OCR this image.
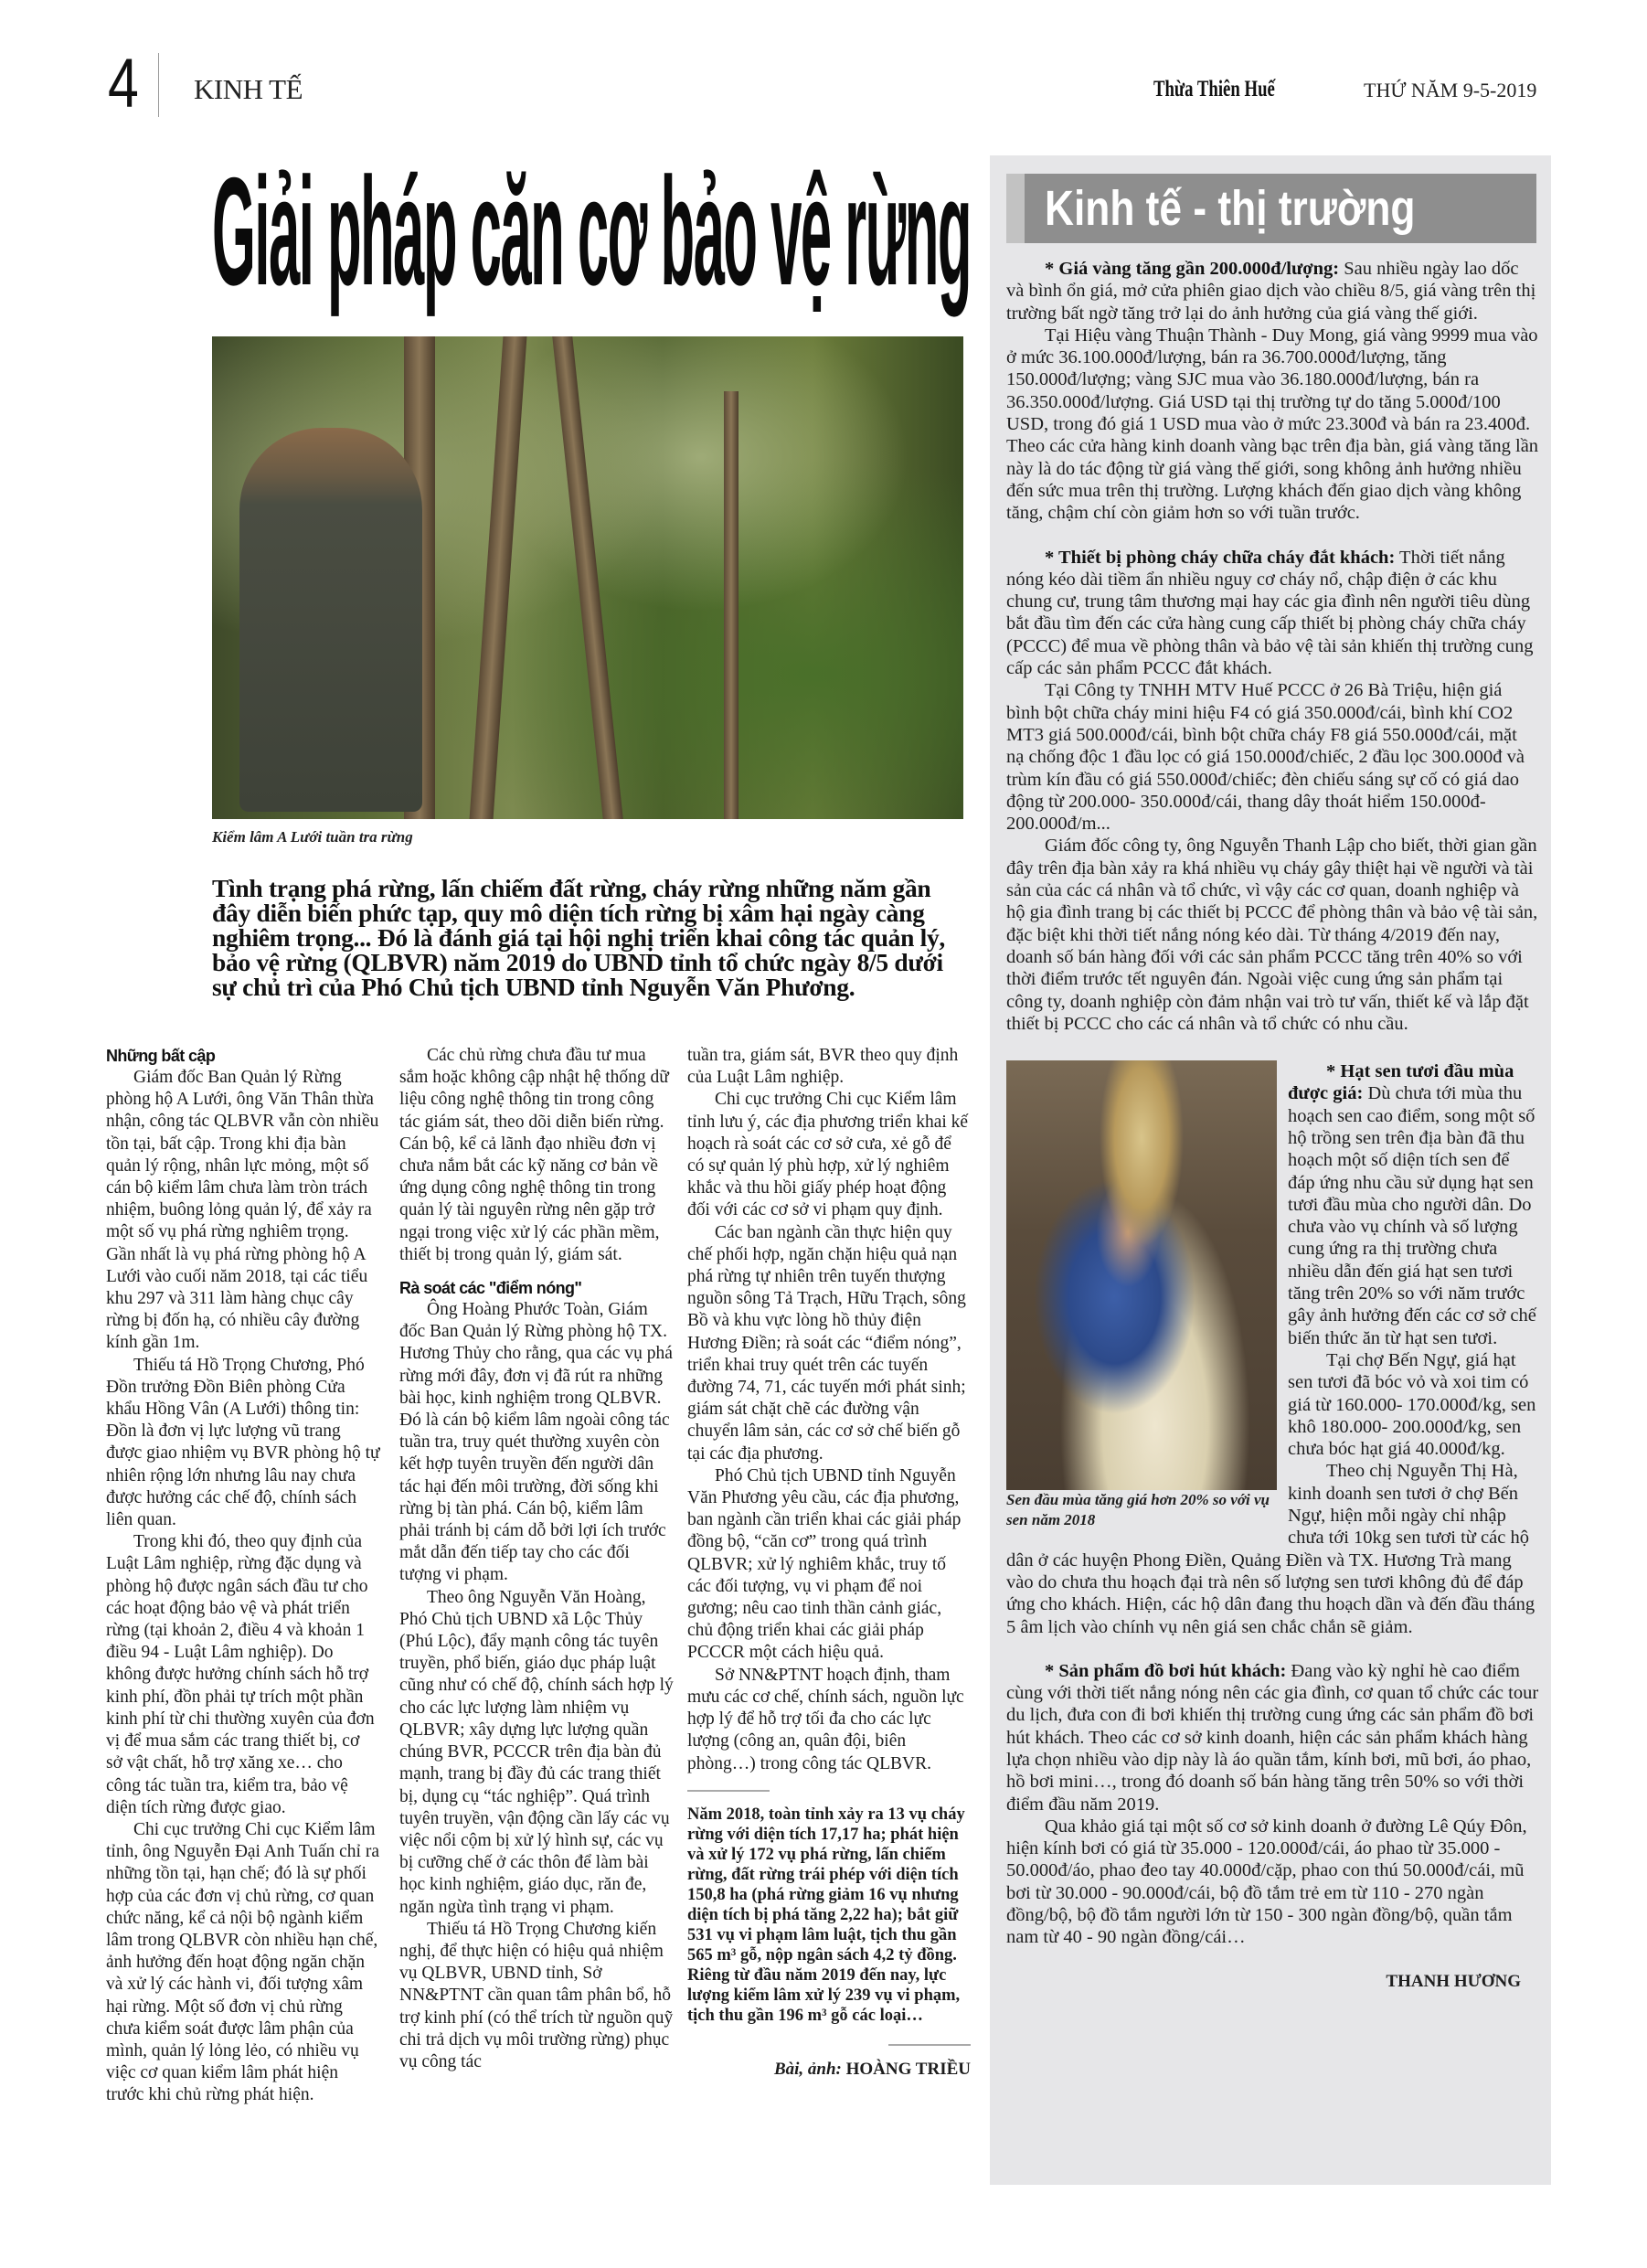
4 KINH TẾ	Thừa Thiên Huế	THỨ NĂM 9-5-2019
Giải pháp căn cơ bảo vệ rừng
Kiểm lâm A Lưới tuần tra rừng
Tình trạng phá rừng, lấn chiếm đất rừng, cháy rừng những năm gần đây diễn biến phức tạp, quy mô diện tích rừng bị xâm hại ngày càng nghiêm trọng... Đó là đánh giá tại hội nghị triển khai công tác quản lý, bảo vệ rừng (QLBVR) năm 2019 do UBND tỉnh tổ chức ngày 8/5 dưới sự chủ trì của Phó Chủ tịch UBND tỉnh Nguyễn Văn Phương.
Những bất cập

Giám đốc Ban Quản lý Rừng phòng hộ A Lưới, ông Văn Thân thừa nhận, công tác QLBVR vẫn còn nhiều tồn tại, bất cập. Trong khi địa bàn quản lý rộng, nhân lực mỏng, một số cán bộ kiểm lâm chưa làm tròn trách nhiệm, buông lỏng quản lý, để xảy ra một số vụ phá rừng nghiêm trọng. Gần nhất là vụ phá rừng phòng hộ A Lưới vào cuối năm 2018, tại các tiểu khu 297 và 311 làm hàng chục cây rừng bị đốn hạ, có nhiều cây đường kính gần 1m.

Thiếu tá Hồ Trọng Chương, Phó Đồn trưởng Đồn Biên phòng Cửa khẩu Hồng Vân (A Lưới) thông tin: Đồn là đơn vị lực lượng vũ trang được giao nhiệm vụ BVR phòng hộ tự nhiên rộng lớn nhưng lâu nay chưa được hưởng các chế độ, chính sách liên quan.

Trong khi đó, theo quy định của Luật Lâm nghiệp, rừng đặc dụng và phòng hộ được ngân sách đầu tư cho các hoạt động bảo vệ và phát triển rừng (tại khoản 2, điều 4 và khoản 1 điều 94 - Luật Lâm nghiệp). Do không được hưởng chính sách hỗ trợ kinh phí, đồn phải tự trích một phần kinh phí từ chi thường xuyên của đơn vị để mua sắm các trang thiết bị, cơ sở vật chất, hỗ trợ xăng xe… cho công tác tuần tra, kiểm tra, bảo vệ diện tích rừng được giao.

Chi cục trưởng Chi cục Kiểm lâm tỉnh, ông Nguyễn Đại Anh Tuấn chỉ ra những tồn tại, hạn chế; đó là sự phối hợp của các đơn vị chủ rừng, cơ quan chức năng, kể cả nội bộ ngành kiểm lâm trong QLBVR còn nhiều hạn chế, ảnh hưởng đến hoạt động ngăn chặn và xử lý các hành vi, đối tượng xâm hại rừng. Một số đơn vị chủ rừng chưa kiểm soát được lâm phận của mình, quản lý lỏng lẻo, có nhiều vụ việc cơ quan kiểm lâm phát hiện trước khi chủ rừng phát hiện.

Các chủ rừng chưa đầu tư mua sắm hoặc không cập nhật hệ thống dữ liệu công nghệ thông tin trong công tác giám sát, theo dõi diễn biến rừng. Cán bộ, kể cả lãnh đạo nhiều đơn vị chưa nắm bắt các kỹ năng cơ bản về ứng dụng công nghệ thông tin trong quản lý tài nguyên rừng nên gặp trở ngại trong việc xử lý các phần mềm, thiết bị trong quản lý, giám sát.

Rà soát các "điểm nóng"

Ông Hoàng Phước Toàn, Giám đốc Ban Quản lý Rừng phòng hộ TX. Hương Thủy cho rằng, qua các vụ phá rừng mới đây, đơn vị đã rút ra những bài học, kinh nghiệm trong QLBVR. Đó là cán bộ kiểm lâm ngoài công tác tuần tra, truy quét thường xuyên còn kết hợp tuyên truyền đến người dân tác hại đến môi trường, đời sống khi rừng bị tàn phá. Cán bộ, kiểm lâm phải tránh bị cám dỗ bởi lợi ích trước mắt dẫn đến tiếp tay cho các đối tượng vi phạm.

Theo ông Nguyễn Văn Hoàng, Phó Chủ tịch UBND xã Lộc Thủy (Phú Lộc), đẩy mạnh công tác tuyên truyền, phổ biến, giáo dục pháp luật cũng như có chế độ, chính sách hợp lý cho các lực lượng làm nhiệm vụ QLBVR; xây dựng lực lượng quần chúng BVR, PCCCR trên địa bàn đủ mạnh, trang bị đầy đủ các trang thiết bị, dụng cụ “tác nghiệp”. Quá trình tuyên truyền, vận động cần lấy các vụ việc nổi cộm bị xử lý hình sự, các vụ bị cưỡng chế ở các thôn để làm bài học kinh nghiệm, giáo dục, răn đe, ngăn ngừa tình trạng vi phạm.

Thiếu tá Hồ Trọng Chương kiến nghị, để thực hiện có hiệu quả nhiệm vụ QLBVR, UBND tỉnh, Sở NN&PTNT cần quan tâm phân bổ, hỗ trợ kinh phí (có thể trích từ nguồn quỹ chi trả dịch vụ môi trường rừng) phục vụ công tác

tuần tra, giám sát, BVR theo quy định của Luật Lâm nghiệp.

Chi cục trưởng Chi cục Kiểm lâm tỉnh lưu ý, các địa phương triển khai kế hoạch rà soát các cơ sở cưa, xẻ gỗ để có sự quản lý phù hợp, xử lý nghiêm khắc và thu hồi giấy phép hoạt động đối với các cơ sở vi phạm quy định.

Các ban ngành cần thực hiện quy chế phối hợp, ngăn chặn hiệu quả nạn phá rừng tự nhiên trên tuyến thượng nguồn sông Tả Trạch, Hữu Trạch, sông Bồ và khu vực lòng hồ thủy điện Hương Điền; rà soát các “điểm nóng”, triển khai truy quét trên các tuyến đường 74, 71, các tuyến mới phát sinh; giám sát chặt chẽ các đường vận chuyển lâm sản, các cơ sở chế biến gỗ tại các địa phương.

Phó Chủ tịch UBND tỉnh Nguyễn Văn Phương yêu cầu, các địa phương, ban ngành cần triển khai các giải pháp đồng bộ, “căn cơ” trong quá trình QLBVR; xử lý nghiêm khắc, truy tố các đối tượng, vụ vi phạm để noi gương; nêu cao tinh thần cảnh giác, chủ động triển khai các giải pháp PCCCR một cách hiệu quả.

Sở NN&PTNT hoạch định, tham mưu các cơ chế, chính sách, nguồn lực hợp lý để hỗ trợ tối đa cho các lực lượng (công an, quân đội, biên phòng…) trong công tác QLBVR.

Năm 2018, toàn tỉnh xảy ra 13 vụ cháy rừng với diện tích 17,17 ha; phát hiện và xử lý 172 vụ phá rừng, lấn chiếm rừng, đất rừng trái phép với diện tích 150,8 ha (phá rừng giảm 16 vụ nhưng diện tích bị phá tăng 2,22 ha); bắt giữ 531 vụ vi phạm lâm luật, tịch thu gần 565 m³ gỗ, nộp ngân sách 4,2 tỷ đồng. Riêng từ đầu năm 2019 đến nay, lực lượng kiểm lâm xử lý 239 vụ vi phạm, tịch thu gần 196 m³ gỗ các loại…
Bài, ảnh: HOÀNG TRIỀU
Kinh tế - thị trường

* Giá vàng tăng gần 200.000đ/lượng: Sau nhiều ngày lao dốc và bình ổn giá, mở cửa phiên giao dịch vào chiều 8/5, giá vàng trên thị trường bất ngờ tăng trở lại do ảnh hưởng của giá vàng thế giới.

Tại Hiệu vàng Thuận Thành - Duy Mong, giá vàng 9999 mua vào ở mức 36.100.000đ/lượng, bán ra 36.700.000đ/lượng, tăng 150.000đ/lượng; vàng SJC mua vào 36.180.000đ/lượng, bán ra 36.350.000đ/lượng. Giá USD tại thị trường tự do tăng 5.000đ/100 USD, trong đó giá 1 USD mua vào ở mức 23.300đ và bán ra 23.400đ. Theo các cửa hàng kinh doanh vàng bạc trên địa bàn, giá vàng tăng lần này là do tác động từ giá vàng thế giới, song không ảnh hưởng nhiều đến sức mua trên thị trường. Lượng khách đến giao dịch vàng không tăng, chậm chí còn giảm hơn so với tuần trước.

* Thiết bị phòng cháy chữa cháy đắt khách: Thời tiết nắng nóng kéo dài tiềm ẩn nhiều nguy cơ cháy nổ, chập điện ở các khu chung cư, trung tâm thương mại hay các gia đình nên người tiêu dùng bắt đầu tìm đến các cửa hàng cung cấp thiết bị phòng cháy chữa cháy (PCCC) để mua về phòng thân và bảo vệ tài sản khiến thị trường cung cấp các sản phẩm PCCC đắt khách.

Tại Công ty TNHH MTV Huế PCCC ở 26 Bà Triệu, hiện giá bình bột chữa cháy mini hiệu F4 có giá 350.000đ/cái, bình khí CO2 MT3 giá 500.000đ/cái, bình bột chữa cháy F8 giá 550.000đ/cái, mặt nạ chống độc 1 đầu lọc có giá 150.000đ/chiếc, 2 đầu lọc 300.000đ và trùm kín đầu có giá 550.000đ/chiếc; đèn chiếu sáng sự cố có giá dao động từ 200.000- 350.000đ/cái, thang dây thoát hiểm 150.000đ- 200.000đ/m...

Giám đốc công ty, ông Nguyễn Thanh Lập cho biết, thời gian gần đây trên địa bàn xảy ra khá nhiều vụ cháy gây thiệt hại về người và tài sản của các cá nhân và tổ chức, vì vậy các cơ quan, doanh nghiệp và hộ gia đình trang bị các thiết bị PCCC để phòng thân và bảo vệ tài sản, đặc biệt khi thời tiết nắng nóng kéo dài. Từ tháng 4/2019 đến nay, doanh số bán hàng đối với các sản phẩm PCCC tăng trên 40% so với thời điểm trước tết nguyên đán. Ngoài việc cung ứng sản phẩm tại công ty, doanh nghiệp còn đảm nhận vai trò tư vấn, thiết kế và lắp đặt thiết bị PCCC cho các cá nhân và tổ chức có nhu cầu.

Sen đầu mùa tăng giá hơn 20% so với vụ sen năm 2018

* Hạt sen tươi đầu mùa được giá: Dù chưa tới mùa thu hoạch sen cao điểm, song một số hộ trồng sen trên địa bàn đã thu hoạch một số diện tích sen để đáp ứng nhu cầu sử dụng hạt sen tươi đầu mùa cho người dân. Do chưa vào vụ chính và số lượng cung ứng ra thị trường chưa nhiều dẫn đến giá hạt sen tươi tăng trên 20% so với năm trước gây ảnh hưởng đến các cơ sở chế biến thức ăn từ hạt sen tươi.

Tại chợ Bến Ngự, giá hạt sen tươi đã bóc vỏ và xoi tim có giá từ 160.000- 170.000đ/kg, sen khô 180.000- 200.000đ/kg, sen chưa bóc hạt giá 40.000đ/kg.

Theo chị Nguyễn Thị Hà, kinh doanh sen tươi ở chợ Bến Ngự, hiện mỗi ngày chỉ nhập chưa tới 10kg sen tươi từ các hộ dân ở các huyện Phong Điền, Quảng Điền và TX. Hương Trà mang vào do chưa thu hoạch đại trà nên số lượng sen tươi không đủ để đáp ứng cho khách. Hiện, các hộ dân đang thu hoạch dần và đến đầu tháng 5 âm lịch vào chính vụ nên giá sen chắc chắn sẽ giảm.

* Sản phẩm đồ bơi hút khách: Đang vào kỳ nghỉ hè cao điểm cùng với thời tiết nắng nóng nên các gia đình, cơ quan tổ chức các tour du lịch, đưa con đi bơi khiến thị trường cung ứng các sản phẩm đồ bơi hút khách. Theo các cơ sở kinh doanh, hiện các sản phẩm khách hàng lựa chọn nhiều vào dịp này là áo quần tắm, kính bơi, mũ bơi, áo phao, hồ bơi mini…, trong đó doanh số bán hàng tăng trên 50% so với thời điểm đầu năm 2019.

Qua khảo giá tại một số cơ sở kinh doanh ở đường Lê Qúy Đôn, hiện kính bơi có giá từ 35.000 - 120.000đ/cái, áo phao từ 35.000 - 50.000đ/áo, phao đeo tay 40.000đ/cặp, phao con thú 50.000đ/cái, mũ bơi từ 30.000 - 90.000đ/cái, bộ đồ tắm trẻ em từ 110 - 270 ngàn đồng/bộ, bộ đồ tắm người lớn từ 150 - 300 ngàn đồng/bộ, quần tắm nam từ 40 - 90 ngàn đồng/cái…

THANH HƯƠNG
